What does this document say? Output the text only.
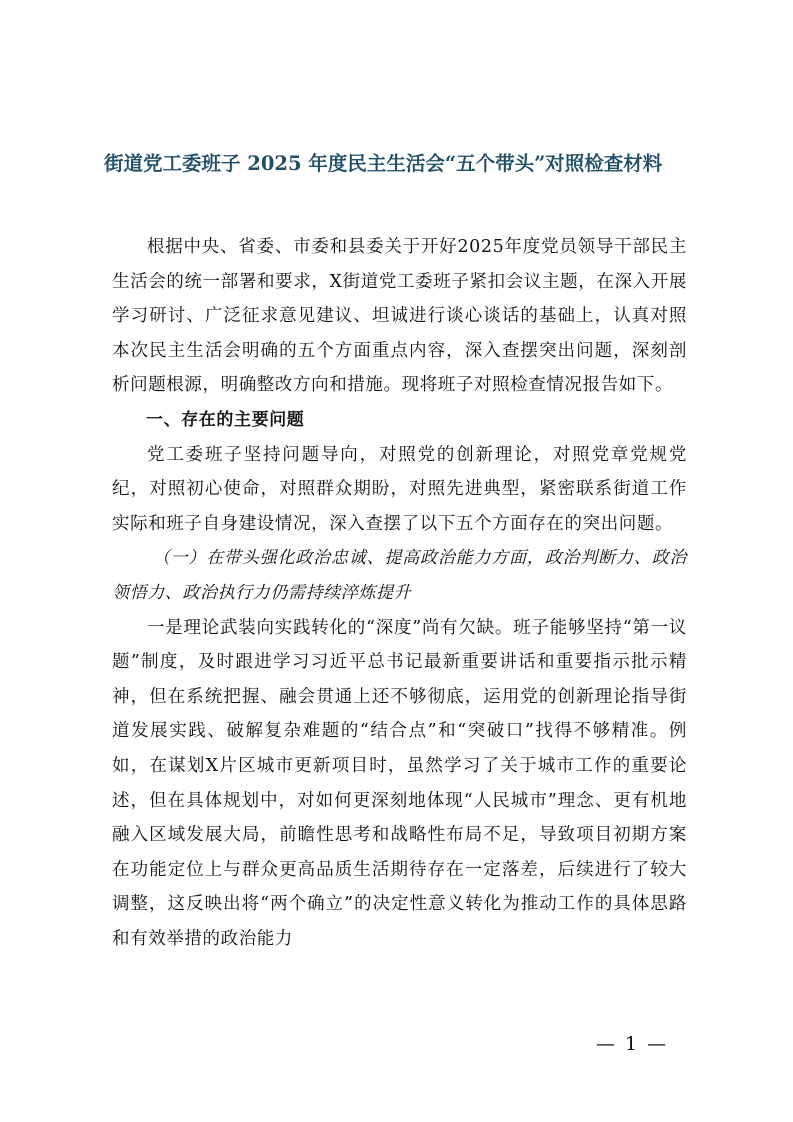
街道党工委班子 2025 年度民主生活会“五个带头”对照检查材料

根据中央、省委、市委和县委关于开好2025年度党员领导干部民主生活会的统一部署和要求，X街道党工委班子紧扣会议主题，在深入开展学习研讨、广泛征求意见建议、坦诚进行谈心谈话的基础上，认真对照本次民主生活会明确的五个方面重点内容，深入查摆突出问题，深刻剖析问题根源，明确整改方向和措施。现将班子对照检查情况报告如下。

一、存在的主要问题

党工委班子坚持问题导向，对照党的创新理论，对照党章党规党纪，对照初心使命，对照群众期盼，对照先进典型，紧密联系街道工作实际和班子自身建设情况，深入查摆了以下五个方面存在的突出问题。

（一）在带头强化政治忠诚、提高政治能力方面，政治判断力、政治领悟力、政治执行力仍需持续淬炼提升

一是理论武装向实践转化的“深度”尚有欠缺。班子能够坚持“第一议题”制度，及时跟进学习习近平总书记最新重要讲话和重要指示批示精神，但在系统把握、融会贯通上还不够彻底，运用党的创新理论指导街道发展实践、破解复杂难题的“结合点”和“突破口”找得不够精准。例如，在谋划X片区城市更新项目时，虽然学习了关于城市工作的重要论述，但在具体规划中，对如何更深刻地体现“人民城市”理念、更有机地融入区域发展大局，前瞻性思考和战略性布局不足，导致项目初期方案在功能定位上与群众更高品质生活期待存在一定落差，后续进行了较大调整，这反映出将“两个确立”的决定性意义转化为推动工作的具体思路和有效举措的政治能力

— 1 —
